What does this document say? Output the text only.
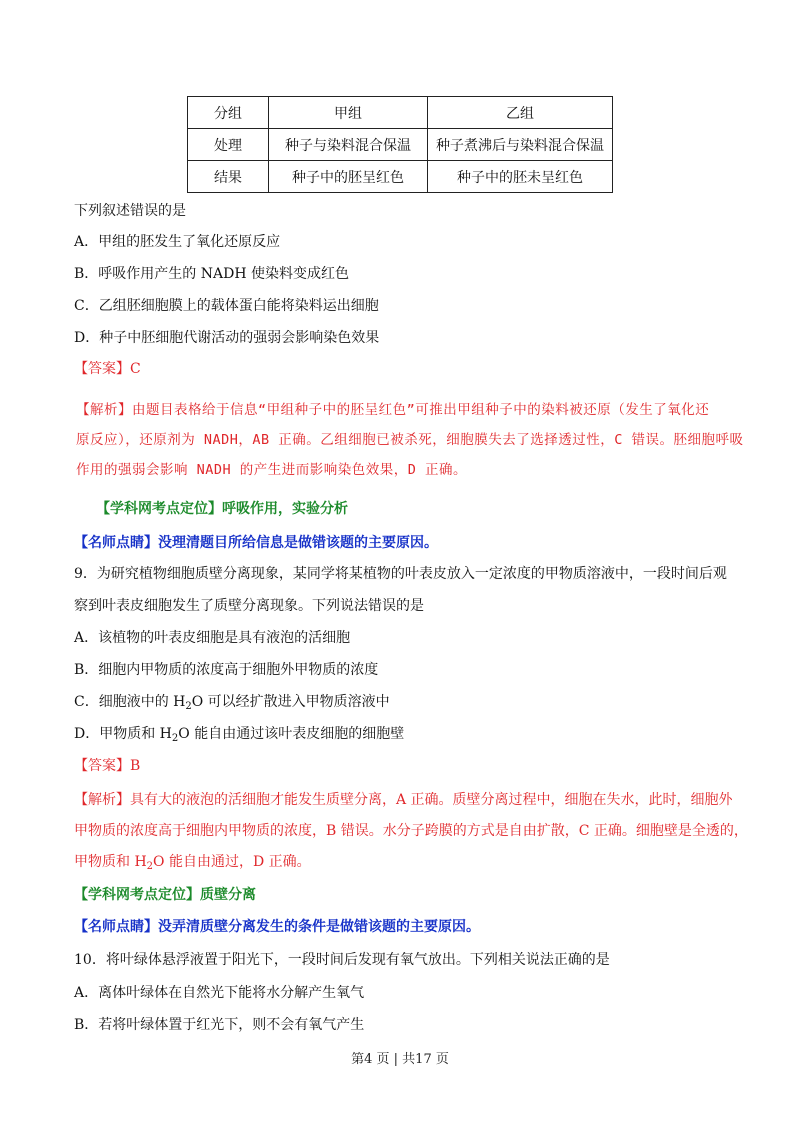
分组	甲组	乙组
处理	种子与染料混合保温	种子煮沸后与染料混合保温
结果	种子中的胚呈红色	种子中的胚未呈红色
下列叙述错误的是
A．甲组的胚发生了氧化还原反应
B．呼吸作用产生的 NADH 使染料变成红色
C．乙组胚细胞膜上的载体蛋白能将染料运出细胞
D．种子中胚细胞代谢活动的强弱会影响染色效果
【答案】C
【解析】由题目表格给于信息“甲组种子中的胚呈红色”可推出甲组种子中的染料被还原（发生了氧化还
原反应），还原剂为 NADH，AB 正确。乙组细胞已被杀死，细胞膜失去了选择透过性，C 错误。胚细胞呼吸
作用的强弱会影响 NADH 的产生进而影响染色效果，D 正确。
【学科网考点定位】呼吸作用，实验分析
【名师点睛】没理清题目所给信息是做错该题的主要原因。
9．为研究植物细胞质壁分离现象，某同学将某植物的叶表皮放入一定浓度的甲物质溶液中，一段时间后观
察到叶表皮细胞发生了质壁分离现象。下列说法错误的是
A．该植物的叶表皮细胞是具有液泡的活细胞
B．细胞内甲物质的浓度高于细胞外甲物质的浓度
C．细胞液中的 $H_2O$ 可以经扩散进入甲物质溶液中
D．甲物质和 $H_2O$ 能自由通过该叶表皮细胞的细胞壁
【答案】B
【解析】具有大的液泡的活细胞才能发生质壁分离，A 正确。质壁分离过程中，细胞在失水，此时，细胞外
甲物质的浓度高于细胞内甲物质的浓度，B 错误。水分子跨膜的方式是自由扩散，C 正确。细胞壁是全透的，
甲物质和 $H_2O$ 能自由通过，D 正确。
【学科网考点定位】质壁分离
【名师点睛】没弄清质壁分离发生的条件是做错该题的主要原因。
10．将叶绿体悬浮液置于阳光下，一段时间后发现有氧气放出。下列相关说法正确的是
A．离体叶绿体在自然光下能将水分解产生氧气
B．若将叶绿体置于红光下，则不会有氧气产生
第4 页 | 共17 页
